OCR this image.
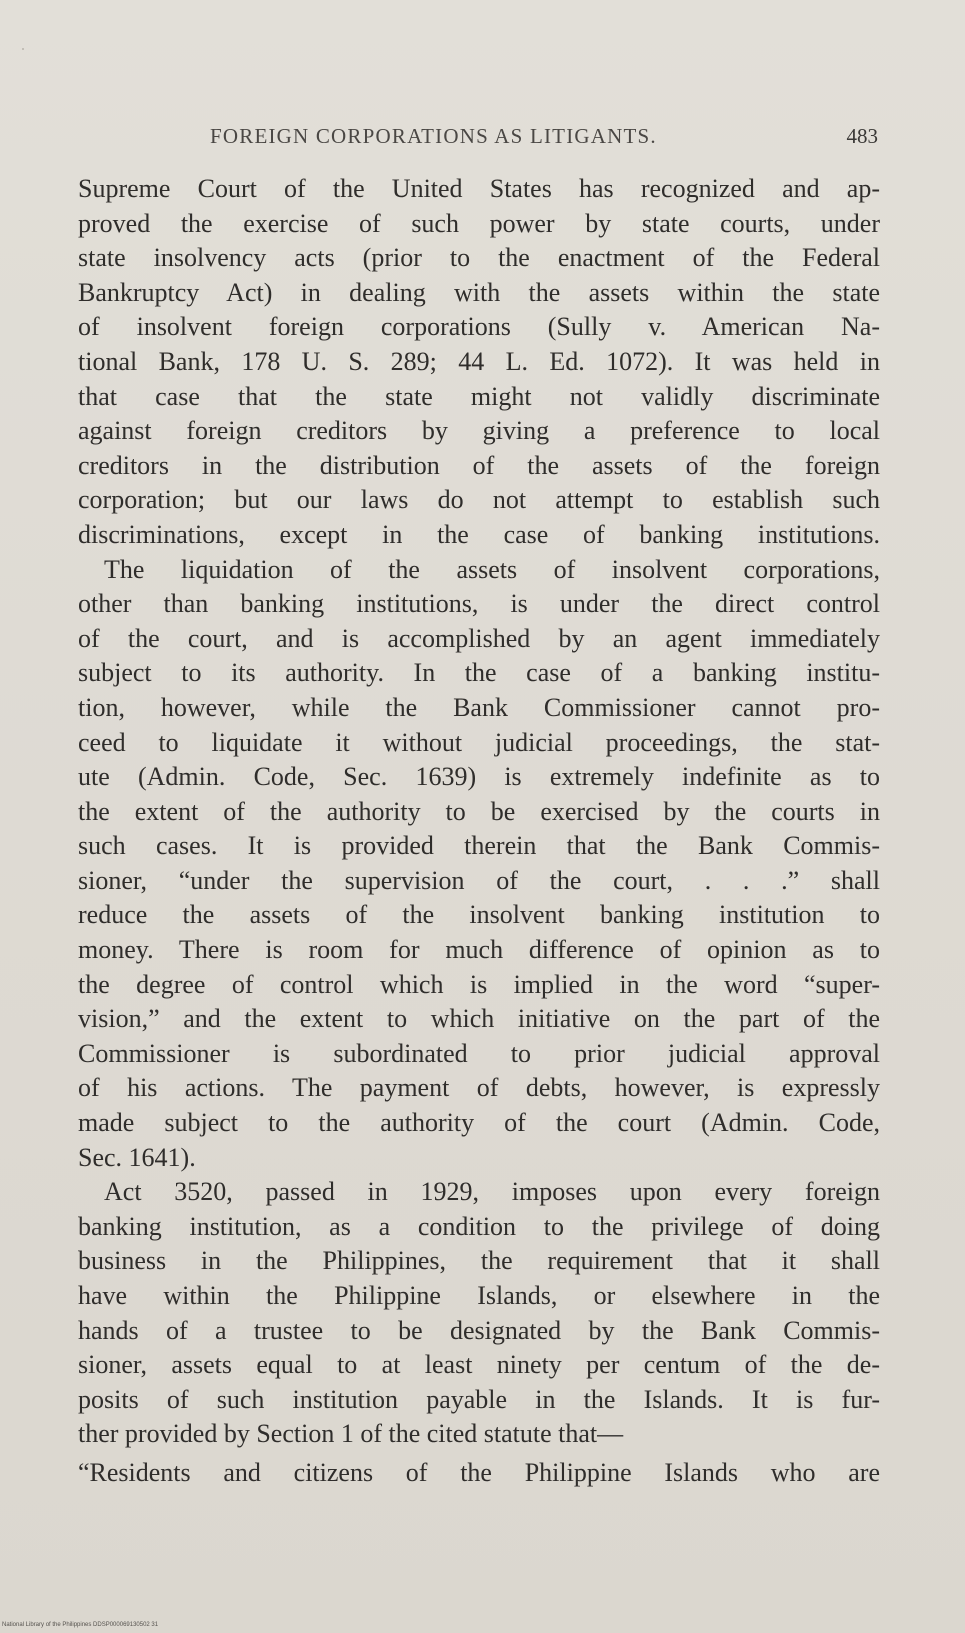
FOREIGN CORPORATIONS AS LITIGANTS.	483
Supreme Court of the United States has recognized and ap-
proved the exercise of such power by state courts, under
state insolvency acts (prior to the enactment of the Federal
Bankruptcy Act) in dealing with the assets within the state
of insolvent foreign corporations (Sully v. American Na-
tional Bank, 178 U. S. 289; 44 L. Ed. 1072). It was held in
that case that the state might not validly discriminate
against foreign creditors by giving a preference to local
creditors in the distribution of the assets of the foreign
corporation; but our laws do not attempt to establish such
discriminations, except in the case of banking institutions.
The liquidation of the assets of insolvent corporations,
other than banking institutions, is under the direct control
of the court, and is accomplished by an agent immediately
subject to its authority. In the case of a banking institu-
tion, however, while the Bank Commissioner cannot pro-
ceed to liquidate it without judicial proceedings, the stat-
ute (Admin. Code, Sec. 1639) is extremely indefinite as to
the extent of the authority to be exercised by the courts in
such cases. It is provided therein that the Bank Commis-
sioner, “under the supervision of the court, . . .” shall
reduce the assets of the insolvent banking institution to
money. There is room for much difference of opinion as to
the degree of control which is implied in the word “super-
vision,” and the extent to which initiative on the part of the
Commissioner is subordinated to prior judicial approval
of his actions. The payment of debts, however, is expressly
made subject to the authority of the court (Admin. Code,
Sec. 1641).
Act 3520, passed in 1929, imposes upon every foreign
banking institution, as a condition to the privilege of doing
business in the Philippines, the requirement that it shall
have within the Philippine Islands, or elsewhere in the
hands of a trustee to be designated by the Bank Commis-
sioner, assets equal to at least ninety per centum of the de-
posits of such institution payable in the Islands. It is fur-
ther provided by Section 1 of the cited statute that—
“Residents and citizens of the Philippine Islands who are
National Library of the Philippines DDSP000069130502 31
